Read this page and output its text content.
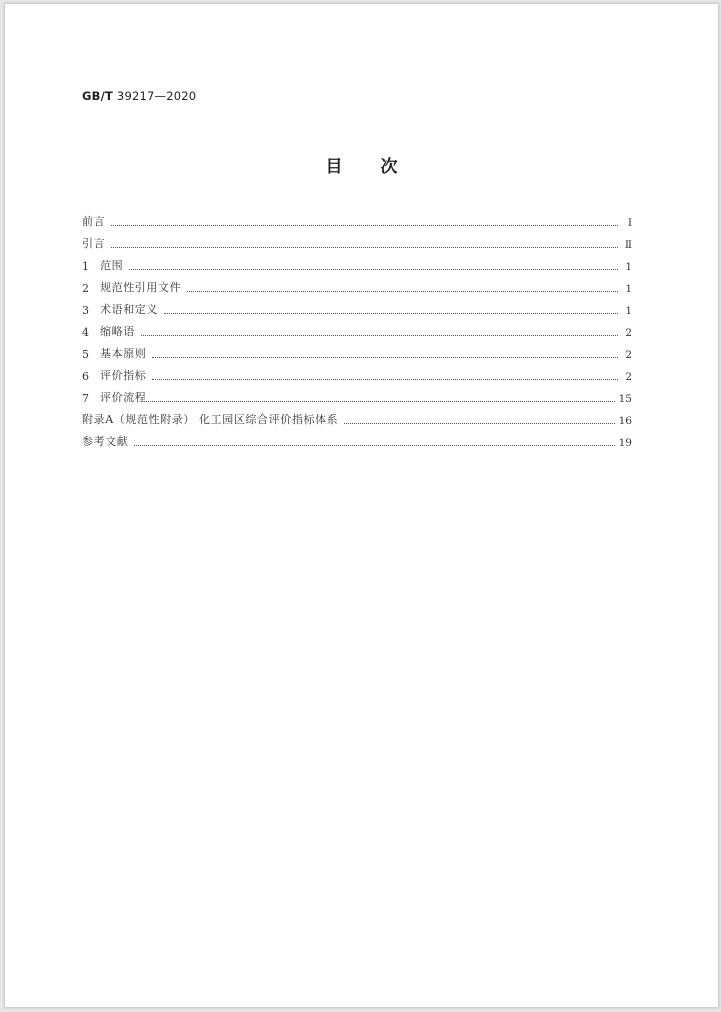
GB/T 39217—2020
目次
前言	Ⅰ
引言	Ⅱ
1	范围	1
2	规范性引用文件	1
3	术语和定义	1
4	缩略语	2
5	基本原则	2
6	评价指标	2
7	评价流程	15
附录A（规范性附录） 化工园区综合评价指标体系	16
参考文献	19
